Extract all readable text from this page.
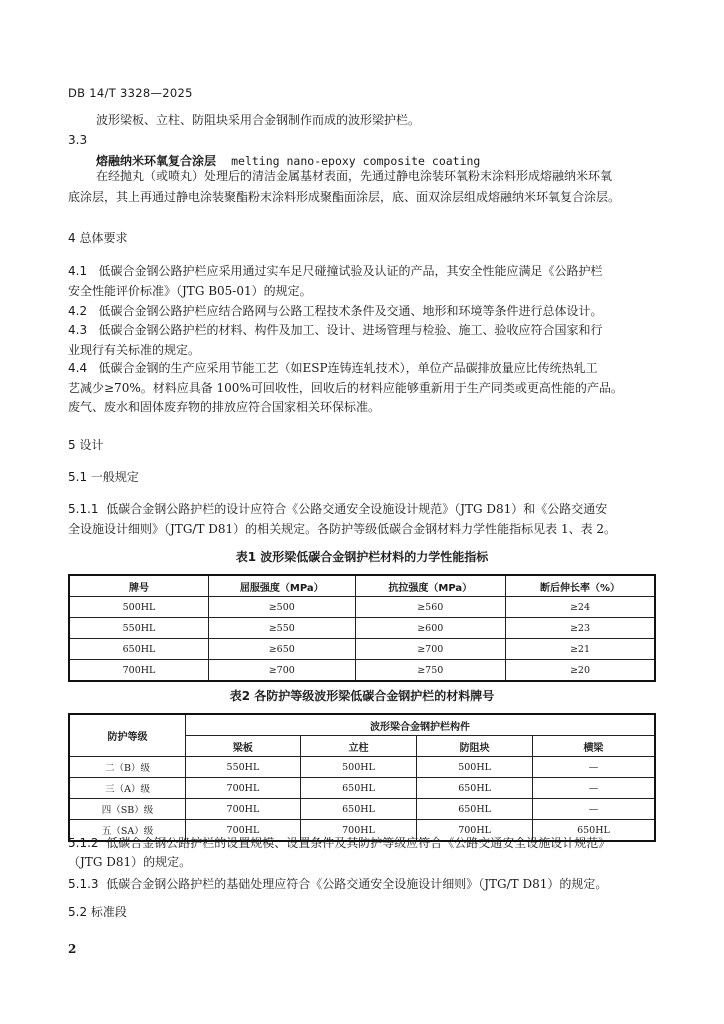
DB 14/T 3328—2025
波形梁板、立柱、防阻块采用合金钢制作而成的波形梁护栏。
3.3
熔融纳米环氧复合涂层 melting nano-epoxy composite coating
在经抛丸（或喷丸）处理后的清洁金属基材表面，先通过静电涂装环氧粉末涂料形成熔融纳米环氧
底涂层，其上再通过静电涂装聚酯粉末涂料形成聚酯面涂层，底、面双涂层组成熔融纳米环氧复合涂层。
4 总体要求
4.1 低碳合金钢公路护栏应采用通过实车足尺碰撞试验及认证的产品，其安全性能应满足《公路护栏
安全性能评价标准》（JTG B05-01）的规定。
4.2 低碳合金钢公路护栏应结合路网与公路工程技术条件及交通、地形和环境等条件进行总体设计。
4.3 低碳合金钢公路护栏的材料、构件及加工、设计、进场管理与检验、施工、验收应符合国家和行
业现行有关标准的规定。
4.4 低碳合金钢的生产应采用节能工艺（如ESP连铸连轧技术），单位产品碳排放量应比传统热轧工
艺减少≥70%。材料应具备 100%可回收性，回收后的材料应能够重新用于生产同类或更高性能的产品。
废气、废水和固体废弃物的排放应符合国家相关环保标准。
5 设计
5.1 一般规定
5.1.1 低碳合金钢公路护栏的设计应符合《公路交通安全设施设计规范》（JTG D81）和《公路交通安
全设施设计细则》（JTG/T D81）的相关规定。各防护等级低碳合金钢材料力学性能指标见表 1、表 2。
表1 波形梁低碳合金钢护栏材料的力学性能指标
牌号	屈服强度（MPa）	抗拉强度（MPa）	断后伸长率（%）
500HL	≥500	≥560	≥24
550HL	≥550	≥600	≥23
650HL	≥650	≥700	≥21
700HL	≥700	≥750	≥20
表2 各防护等级波形梁低碳合金钢护栏的材料牌号
防护等级	波形梁合金钢护栏构件			
	梁板	立柱	防阻块	横梁
二（B）级	550HL	500HL	500HL	—
三（A）级	700HL	650HL	650HL	—
四（SB）级	700HL	650HL	650HL	—
五（SA）级	700HL	700HL	700HL	650HL
5.1.2 低碳合金钢公路护栏的设置规模、设置条件及其防护等级应符合《公路交通安全设施设计规范》
（JTG D81）的规定。
5.1.3 低碳合金钢公路护栏的基础处理应符合《公路交通安全设施设计细则》（JTG/T D81）的规定。
5.2 标准段
2
